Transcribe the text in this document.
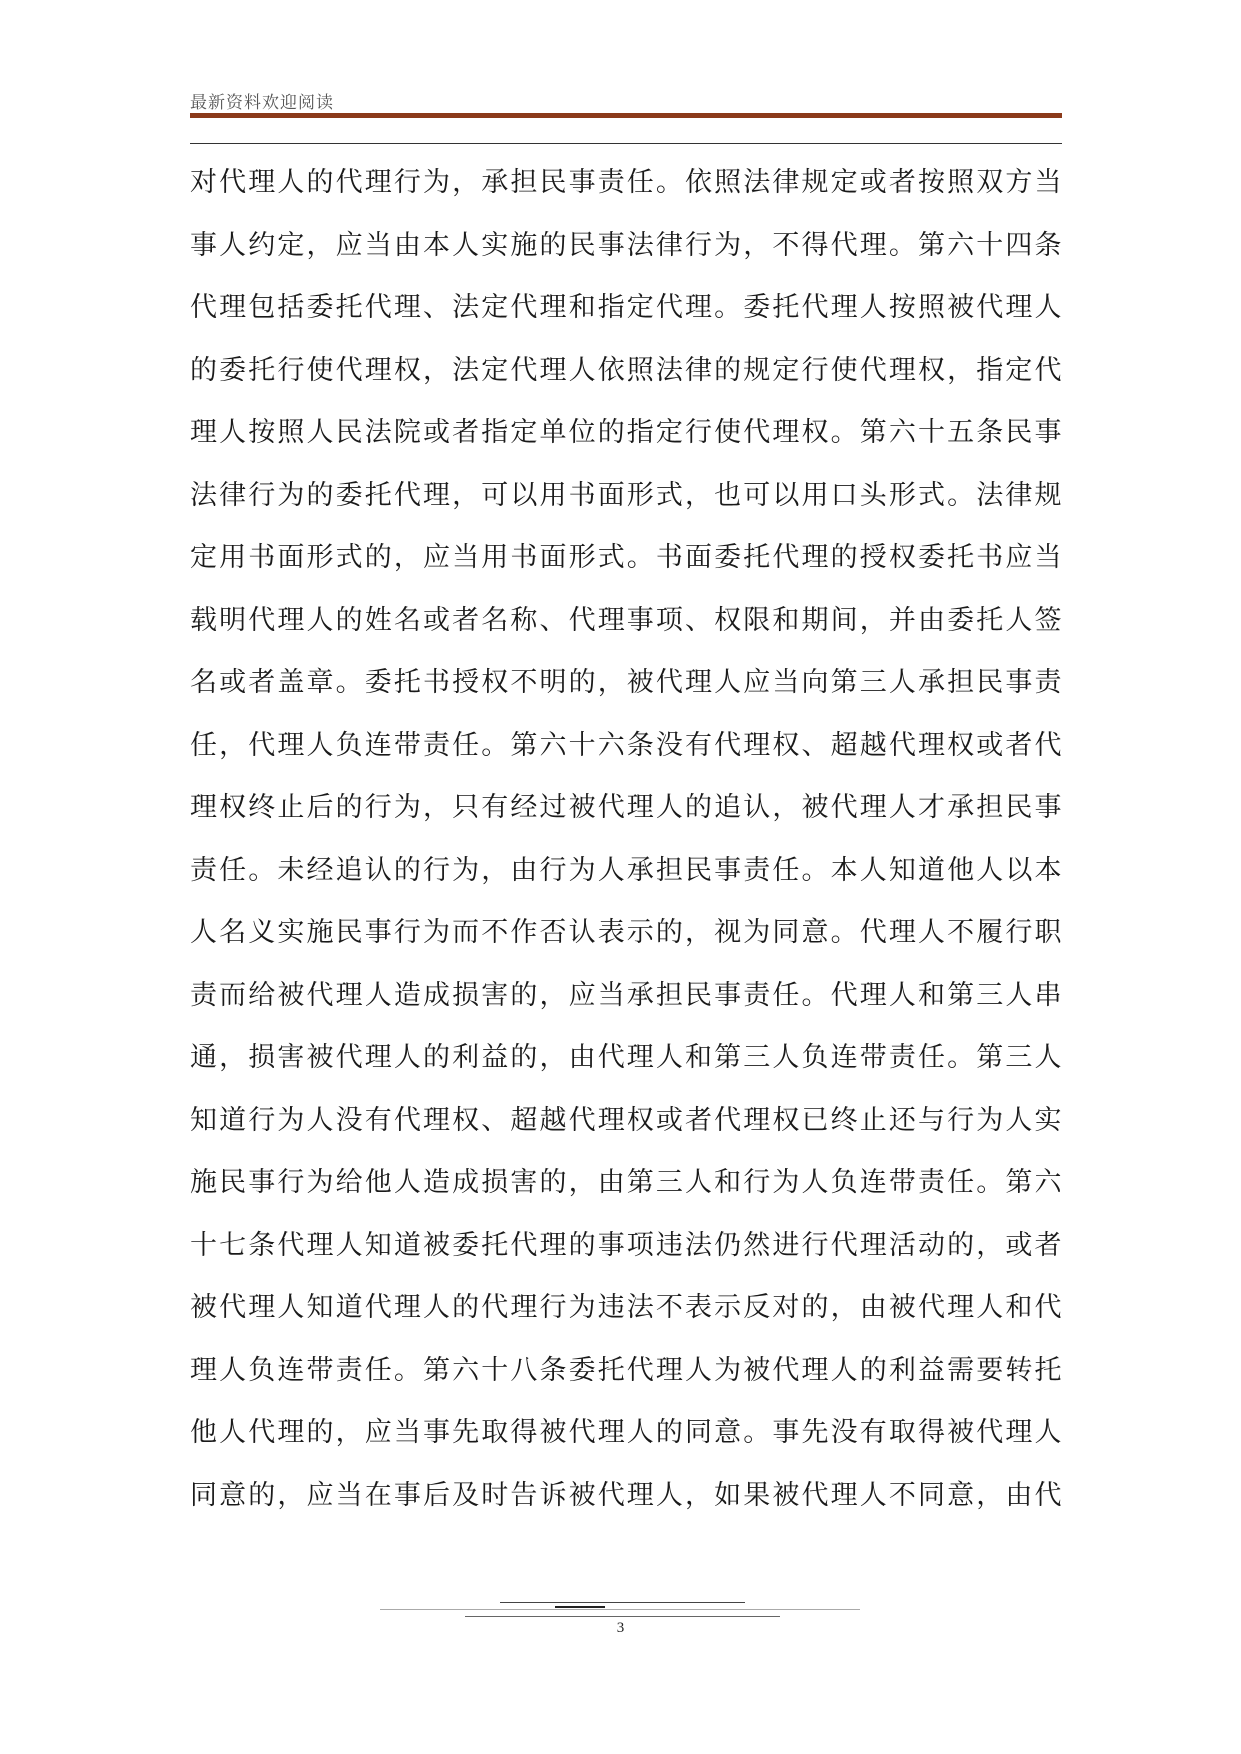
最新资料欢迎阅读
对代理人的代理行为，承担民事责任。依照法律规定或者按照双方当
事人约定，应当由本人实施的民事法律行为，不得代理。第六十四条
代理包括委托代理、法定代理和指定代理。委托代理人按照被代理人
的委托行使代理权，法定代理人依照法律的规定行使代理权，指定代
理人按照人民法院或者指定单位的指定行使代理权。第六十五条民事
法律行为的委托代理，可以用书面形式，也可以用口头形式。法律规
定用书面形式的，应当用书面形式。书面委托代理的授权委托书应当
载明代理人的姓名或者名称、代理事项、权限和期间，并由委托人签
名或者盖章。委托书授权不明的，被代理人应当向第三人承担民事责
任，代理人负连带责任。第六十六条没有代理权、超越代理权或者代
理权终止后的行为，只有经过被代理人的追认，被代理人才承担民事
责任。未经追认的行为，由行为人承担民事责任。本人知道他人以本
人名义实施民事行为而不作否认表示的，视为同意。代理人不履行职
责而给被代理人造成损害的，应当承担民事责任。代理人和第三人串
通，损害被代理人的利益的，由代理人和第三人负连带责任。第三人
知道行为人没有代理权、超越代理权或者代理权已终止还与行为人实
施民事行为给他人造成损害的，由第三人和行为人负连带责任。第六
十七条代理人知道被委托代理的事项违法仍然进行代理活动的，或者
被代理人知道代理人的代理行为违法不表示反对的，由被代理人和代
理人负连带责任。第六十八条委托代理人为被代理人的利益需要转托
他人代理的，应当事先取得被代理人的同意。事先没有取得被代理人
同意的，应当在事后及时告诉被代理人，如果被代理人不同意，由代
3
